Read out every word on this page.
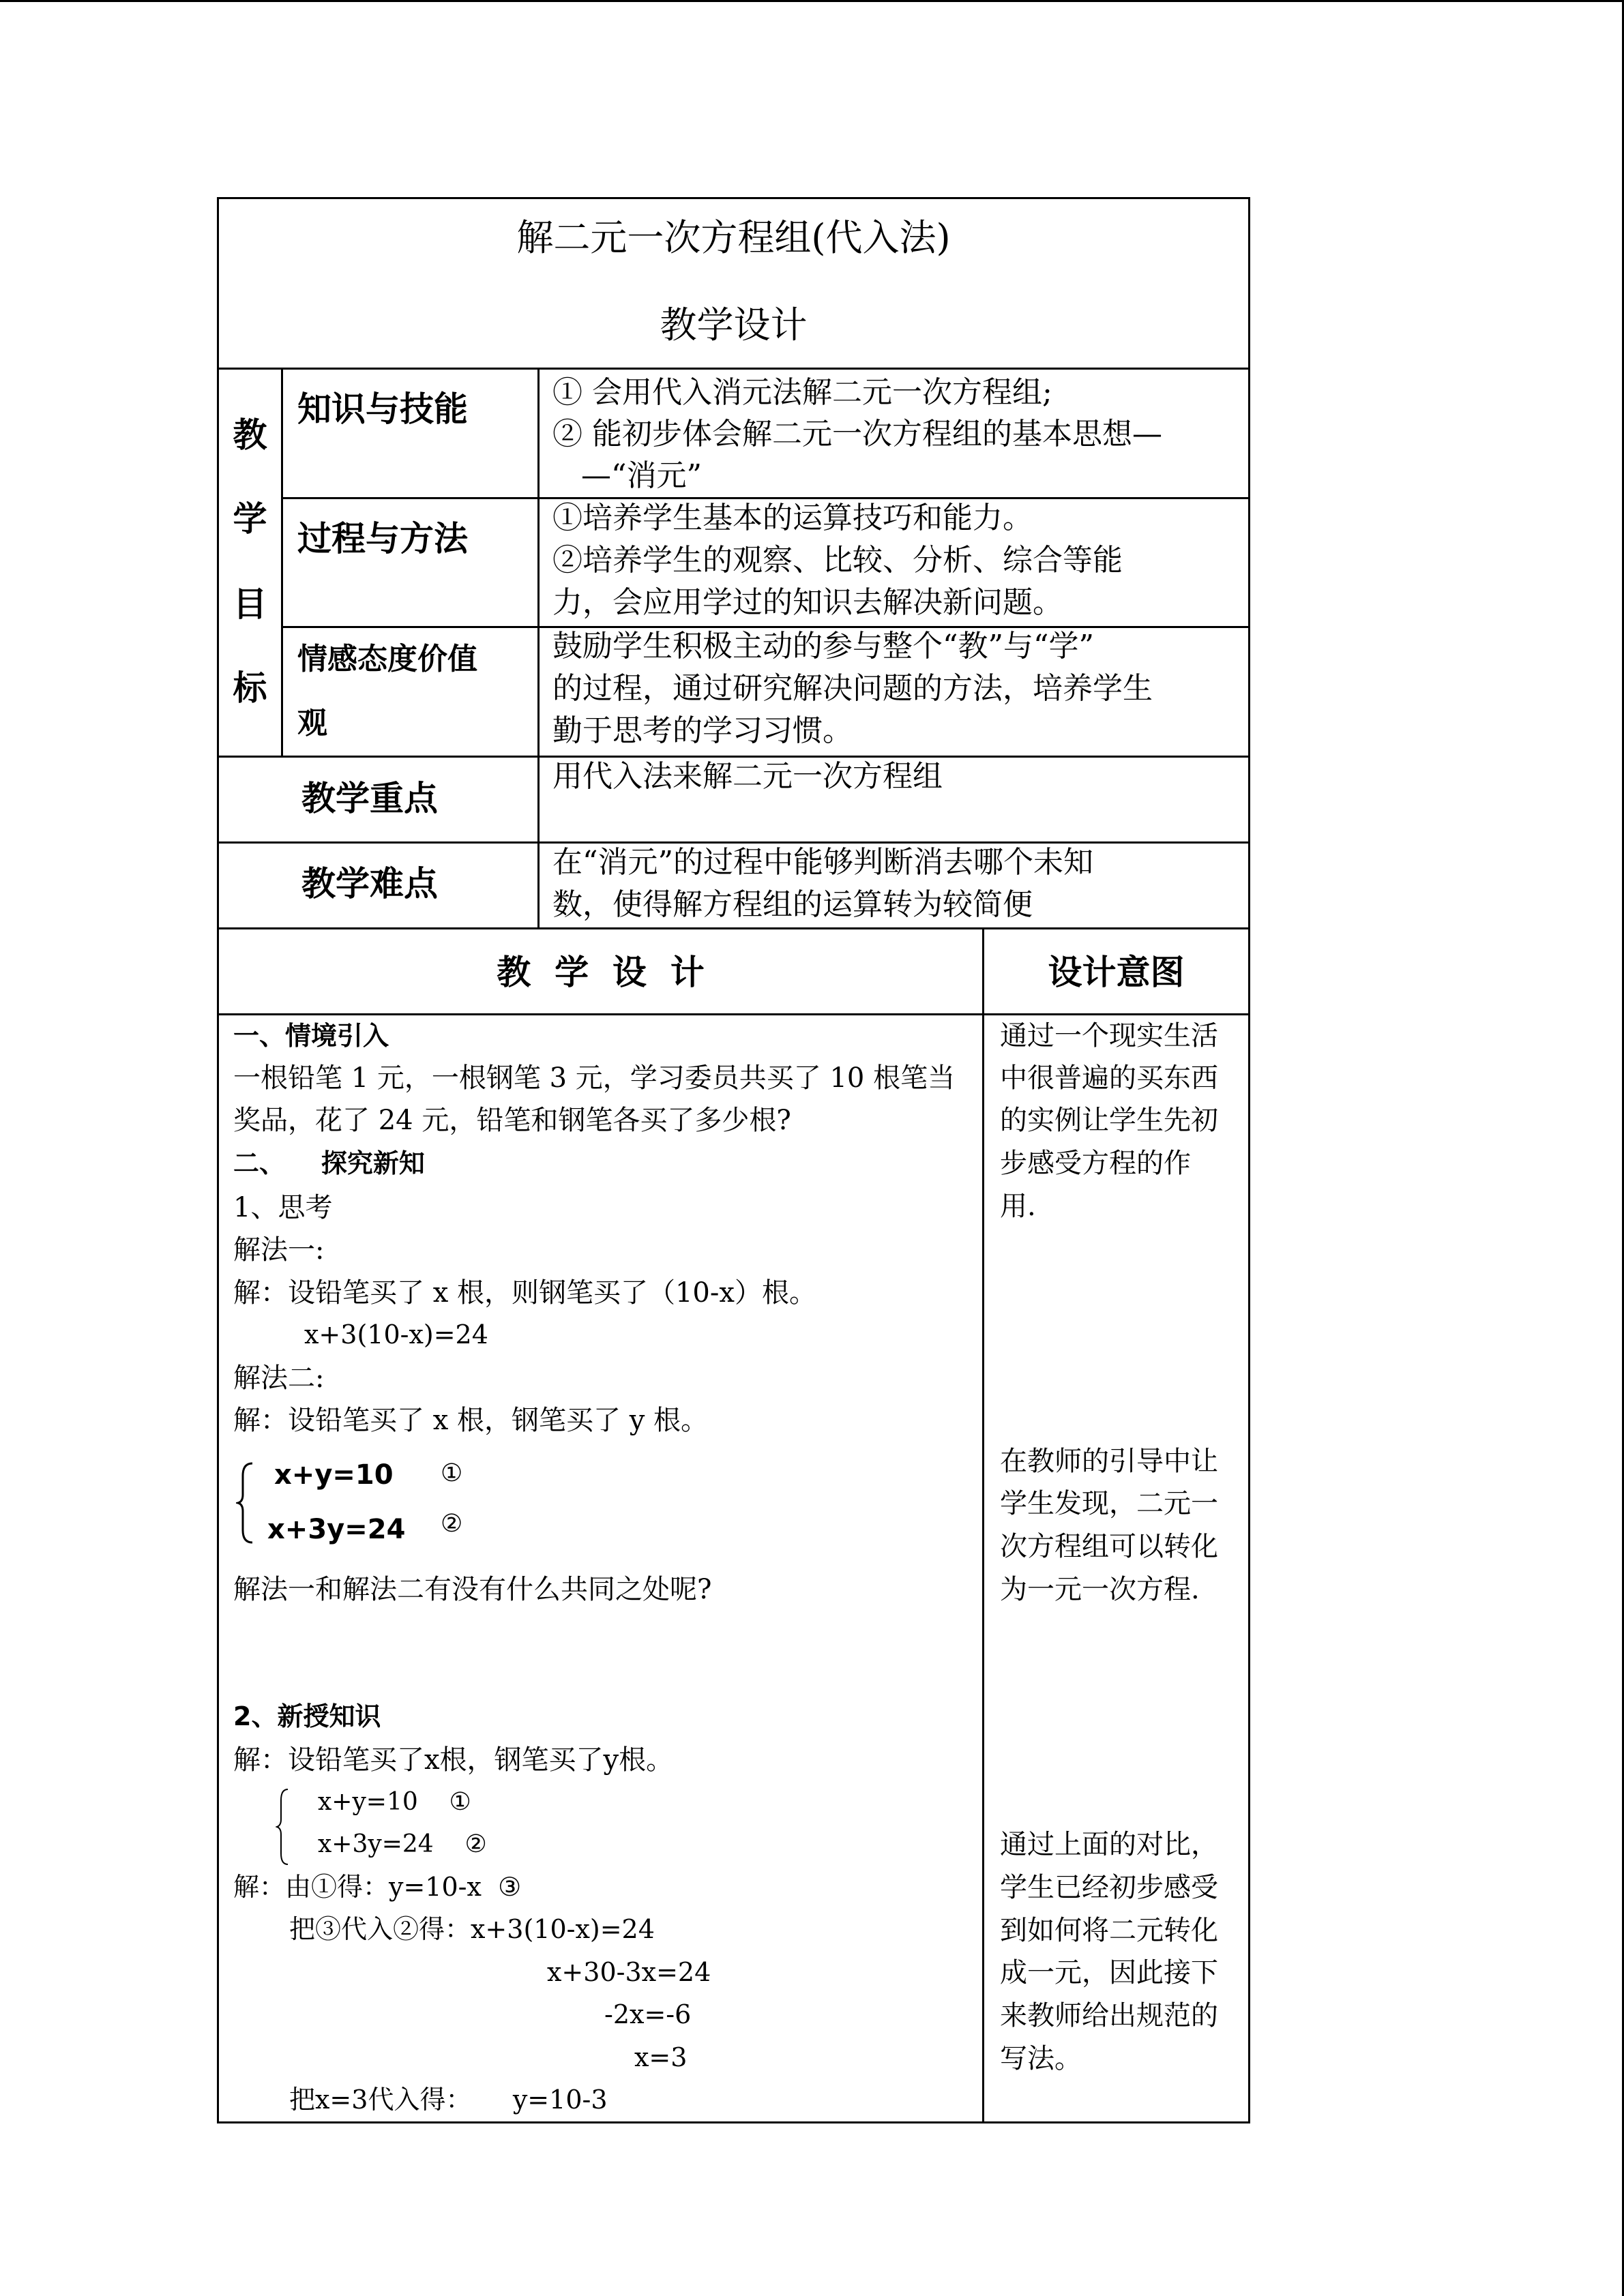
解二元一次方程组(代入法)
教学设计
教
学
目
标
知识与技能	① 会用代入消元法解二元一次方程组;
② 能初步体会解二元一次方程组的基本思想—
—“消元”
过程与方法
①培养学生基本的运算技巧和能力。
②培养学生的观察、比较、分析、综合等能
力，会应用学过的知识去解决新问题。
情感态度价值
观
鼓励学生积极主动的参与整个“教”与“学”
的过程，通过研究解决问题的方法，培养学生
勤于思考的学习习惯。
教学重点
用代入法来解二元一次方程组
教学难点
在“消元”的过程中能够判断消去哪个未知
数，使得解方程组的运算转为较简便
教  学  设  计	设计意图
一、情境引入
一根铅笔 1 元，一根钢笔 3 元，学习委员共买了 10 根笔当
奖品，花了 24 元，铅笔和钢笔各买了多少根?
二、    探究新知
1、思考
解法一:
解：设铅笔买了 x 根，则钢笔买了（10-x）根。
x+3(10-x)=24
解法二:
解：设铅笔买了 x 根，钢笔买了 y 根。
x+y=10 ①
x+3y=24 ②
解法一和解法二有没有什么共同之处呢?
2、新授知识
解：设铅笔买了x根，钢笔买了y根。
x+y=10    ①
x+3y=24    ②
解：由①得：y=10-x  ③
把③代入②得：x+3(10-x)=24
x+30-3x=24
-2x=-6
x=3
把x=3代入得：     y=10-3
通过一个现实生活
中很普遍的买东西
的实例让学生先初
步感受方程的作
用.
在教师的引导中让
学生发现，二元一
次方程组可以转化
为一元一次方程.
通过上面的对比，
学生已经初步感受
到如何将二元转化
成一元，因此接下
来教师给出规范的
写法。
